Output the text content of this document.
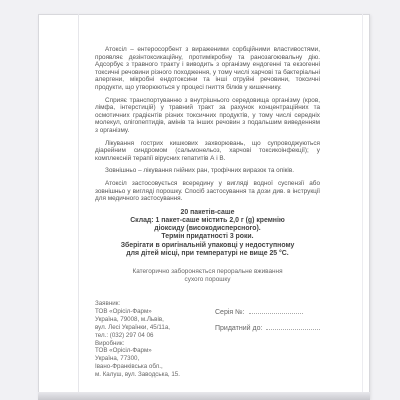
Атоксіл – ентеросорбент з вираженими сорбційними властивостями, проявляє дезінтоксикаційну, протимікробну та ранозагоювальну дію. Адсорбує з травного тракту і виводить з організму ендогенні та екзогенні токсичні речовини різного походження, у тому числі харчові та бактеріальні алергени, мікробні ендотоксини та інші отруйні речовини, токсичні продукти, що утворюються у процесі гниття білків у кишечнику.

Сприяє транспортуванню з внутрішнього середовища організму (кров, лімфа, інтерстицій) у травний тракт за рахунок концентраційних та осмотичних градієнтів різних токсичних продуктів, у тому числі середніх молекул, олігопептидів, амінів та інших речовин з подальшим виведенням з організму.

Лікування гострих кишкових захворювань, що супроводжуються діарейним синдромом (сальмонельоз, харчові токсикоінфекції); у комплексній терапії вірусних гепатитів А і В.

Зовнішньо – лікування гнійних ран, трофічних виразок та опіків.

Атоксіл застосовується всередину у вигляді водної суспензії або зовнішньо у вигляді порошку. Спосіб застосування та дози див. в інструкції для медичного застосування.

20 пакетів-саше
Склад: 1 пакет-саше містить 2,0 г (g) кремнію
діоксиду (високодисперсного).
Термін придатності 3 роки.
Зберігати в оригінальній упаковці у недоступному
для дітей місці, при температурі не вище 25 °С.
Категорично забороняється пероральне вживання
сухого порошку
Заявник:
ТОВ «Орісіл-Фарм»
Україна, 79008, м.Львів,
вул. Лесі Українки, 45/11а,
тел.: (032) 297 04 06
Виробник:
ТОВ «Орісіл-Фарм»
Україна, 77300,
Івано-Франківська обл.,
м. Калуш, вул. Заводська, 15.
Серія №:
Придатний до:
